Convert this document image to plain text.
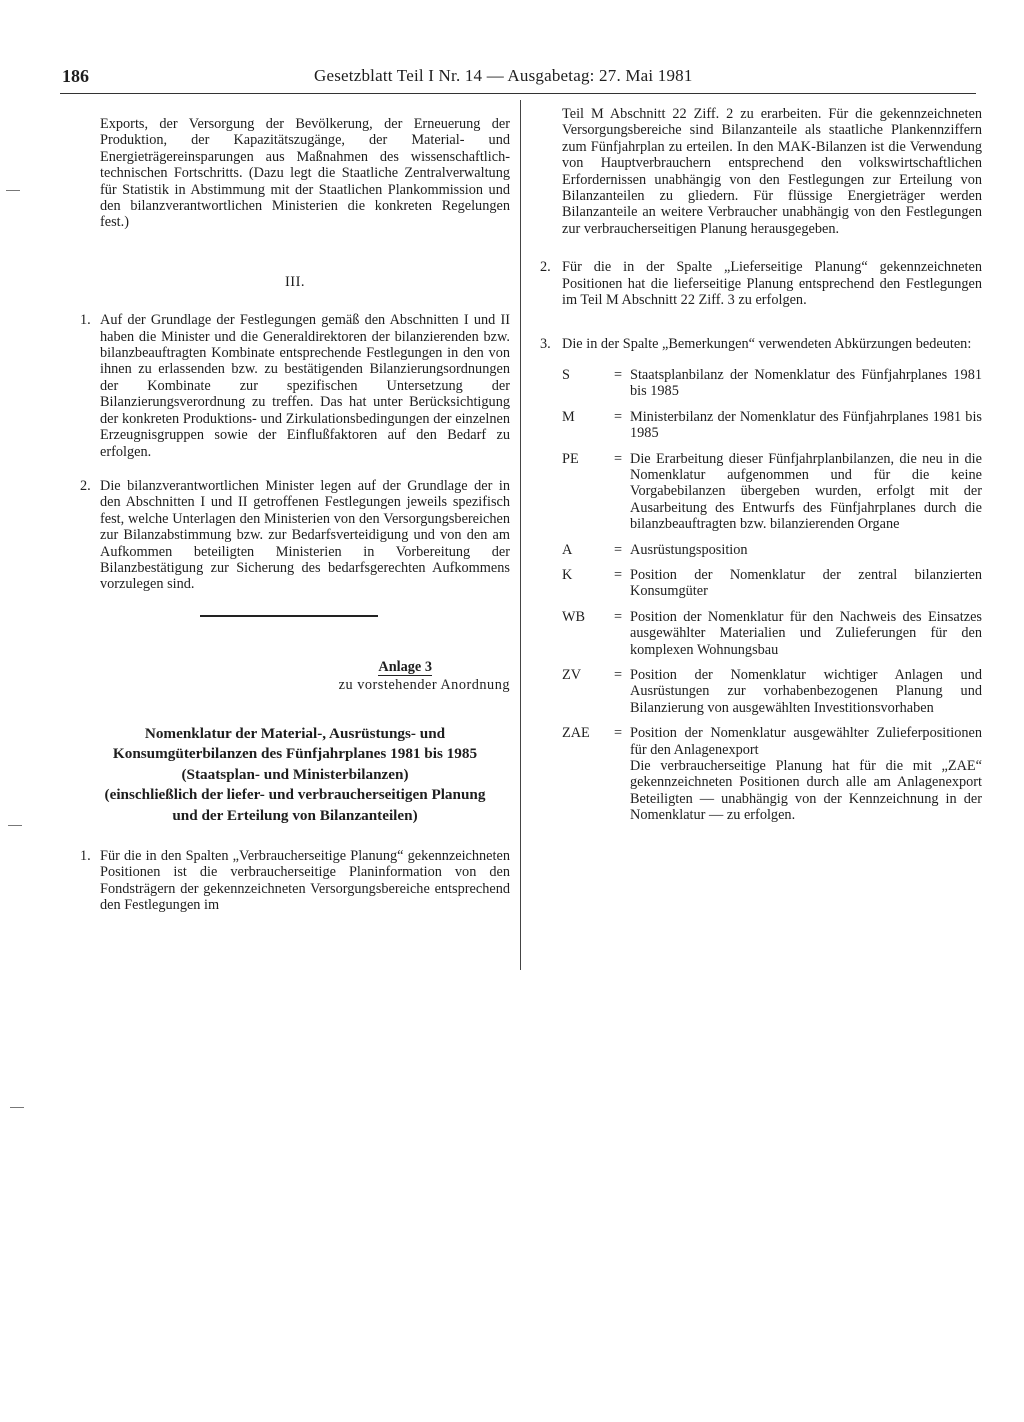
186	Gesetzblatt Teil I Nr. 14 — Ausgabetag: 27. Mai 1981

Exports, der Versorgung der Bevölkerung, der Erneuerung der Produktion, der Kapazitätszugänge, der Material- und Energieträgereinsparungen aus Maßnahmen des wissenschaftlich-technischen Fortschritts. (Dazu legt die Staatliche Zentralverwaltung für Statistik in Abstimmung mit der Staatlichen Plankommission und den bilanzverantwortlichen Ministerien die konkreten Regelungen fest.)

III.
1. Auf der Grundlage der Festlegungen gemäß den Abschnitten I und II haben die Minister und die Generaldirektoren der bilanzierenden bzw. bilanzbeauftragten Kombinate entsprechende Festlegungen in den von ihnen zu erlassenden bzw. zu bestätigenden Bilanzierungsordnungen der Kombinate zur spezifischen Untersetzung der Bilanzierungsverordnung zu treffen. Das hat unter Berücksichtigung der konkreten Produktions- und Zirkulationsbedingungen der einzelnen Erzeugnisgruppen sowie der Einflußfaktoren auf den Bedarf zu erfolgen.
2. Die bilanzverantwortlichen Minister legen auf der Grundlage der in den Abschnitten I und II getroffenen Festlegungen jeweils spezifisch fest, welche Unterlagen den Ministerien von den Versorgungsbereichen zur Bilanzabstimmung bzw. zur Bedarfsverteidigung und von den am Aufkommen beteiligten Ministerien in Vorbereitung der Bilanzbestätigung zur Sicherung des bedarfsgerechten Aufkommens vorzulegen sind.
Anlage 3
zu vorstehender Anordnung
Nomenklatur der Material-, Ausrüstungs- und
Konsumgüterbilanzen des Fünfjahrplanes 1981 bis 1985
(Staatsplan- und Ministerbilanzen)
(einschließlich der liefer- und verbraucherseitigen Planung
und der Erteilung von Bilanzanteilen)
1. Für die in den Spalten „Verbraucherseitige Planung“ gekennzeichneten Positionen ist die verbraucherseitige Planinformation von den Fondsträgern der gekennzeichneten Versorgungsbereiche entsprechend den Festlegungen im

Teil M Abschnitt 22 Ziff. 2 zu erarbeiten. Für die gekennzeichneten Versorgungsbereiche sind Bilanzanteile als staatliche Plankennziffern zum Fünfjahrplan zu erteilen. In den MAK-Bilanzen ist die Verwendung von Hauptverbrauchern entsprechend den volkswirtschaftlichen Erfordernissen unabhängig von den Festlegungen zur Erteilung von Bilanzanteilen zu gliedern. Für flüssige Energieträger werden Bilanzanteile an weitere Verbraucher unabhängig von den Festlegungen zur verbraucherseitigen Planung herausgegeben.

2. Für die in der Spalte „Lieferseitige Planung“ gekennzeichneten Positionen hat die lieferseitige Planung entsprechend den Festlegungen im Teil M Abschnitt 22 Ziff. 3 zu erfolgen.
3. Die in der Spalte „Bemerkungen“ verwendeten Abkürzungen bedeuten:
S	= Staatsplanbilanz der Nomenklatur des Fünfjahrplanes 1981 bis 1985
M	= Ministerbilanz der Nomenklatur des Fünfjahrplanes 1981 bis 1985
PE	= Die Erarbeitung dieser Fünfjahrplanbilanzen, die neu in die Nomenklatur aufgenommen und für die keine Vorgabebilanzen übergeben wurden, erfolgt mit der Ausarbeitung des Entwurfs des Fünfjahrplanes durch die bilanzbeauftragten bzw. bilanzierenden Organe
A	= Ausrüstungsposition
K	= Position der Nomenklatur der zentral bilanzierten Konsumgüter
WB	= Position der Nomenklatur für den Nachweis des Einsatzes ausgewählter Materialien und Zulieferungen für den komplexen Wohnungsbau
ZV	= Position der Nomenklatur wichtiger Anlagen und Ausrüstungen zur vorhabenbezogenen Planung und Bilanzierung von ausgewählten Investitionsvorhaben
ZAE	= Position der Nomenklatur ausgewählter Zulieferpositionen für den Anlagenexport
Die verbraucherseitige Planung hat für die mit „ZAE“ gekennzeichneten Positionen durch alle am Anlagenexport Beteiligten — unabhängig von der Kennzeichnung in der Nomenklatur — zu erfolgen.
